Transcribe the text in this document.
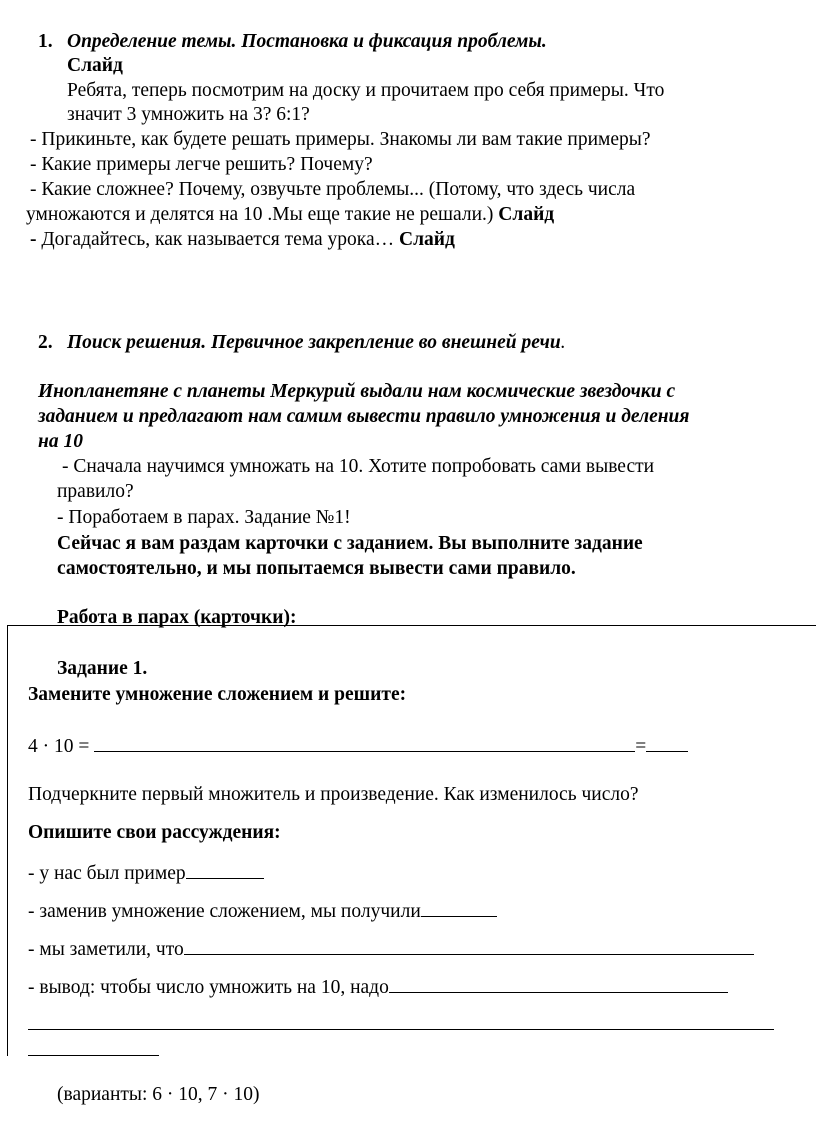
1. Определение темы. Постановка и фиксация проблемы.
Слайд
Ребята, теперь посмотрим на доску и прочитаем про себя примеры. Что
значит 3 умножить на 3? 6:1?
- Прикиньте, как будете решать примеры. Знакомы ли вам такие примеры?
- Какие примеры легче решить? Почему?
- Какие сложнее? Почему, озвучьте проблемы... (Потому, что здесь числа
умножаются и делятся на 10 .Мы еще такие не решали.) Слайд
- Догадайтесь, как называется тема урока… Слайд
2. Поиск решения. Первичное закрепление во внешней речи.
Инопланетяне с планеты Меркурий выдали нам космические звездочки с
заданием и предлагают нам самим вывести правило умножения и деления
на 10
- Сначала научимся умножать на 10. Хотите попробовать сами вывести
правило?
- Поработаем в парах. Задание №1!
Сейчас я вам раздам карточки с заданием. Вы выполните задание
самостоятельно, и мы попытаемся вывести сами правило.
Работа в парах (карточки):
Задание 1.
Замените умножение сложением и решите:
4 · 10 =	=
Подчеркните первый множитель и произведение. Как изменилось число?
Опишите свои рассуждения:
- у нас был пример
- заменив умножение сложением, мы получили
- мы заметили, что
- вывод: чтобы число умножить на 10, надо
(варианты: 6 · 10, 7 · 10)
